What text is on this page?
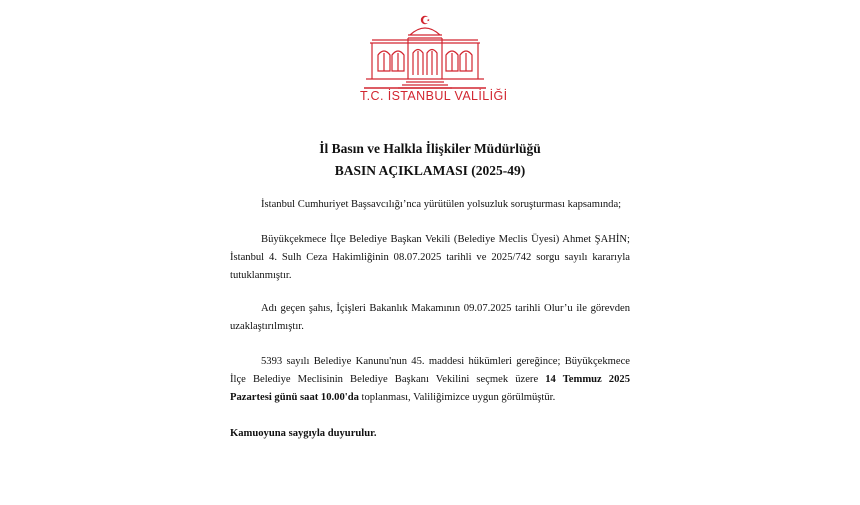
T.C. İSTANBUL VALİLİĞİ
İl Basın ve Halkla İlişkiler Müdürlüğü
BASIN AÇIKLAMASI (2025-49)

İstanbul Cumhuriyet Başsavcılığı’nca yürütülen yolsuzluk soruşturması kapsamında;

Büyükçekmece İlçe Belediye Başkan Vekili (Belediye Meclis Üyesi) Ahmet ŞAHİN; İstanbul 4. Sulh Ceza Hakimliğinin 08.07.2025 tarihli ve 2025/742 sorgu sayılı kararıyla tutuklanmıştır.

Adı geçen şahıs, İçişleri Bakanlık Makamının 09.07.2025 tarihli Olur’u ile görevden uzaklaştırılmıştır.

5393 sayılı Belediye Kanunu'nun 45. maddesi hükümleri gereğince; Büyükçekmece İlçe Belediye Meclisinin Belediye Başkanı Vekilini seçmek üzere 14 Temmuz 2025 Pazartesi günü saat 10.00'da toplanması, Valiliğimizce uygun görülmüştür.

Kamuoyuna saygıyla duyurulur.
